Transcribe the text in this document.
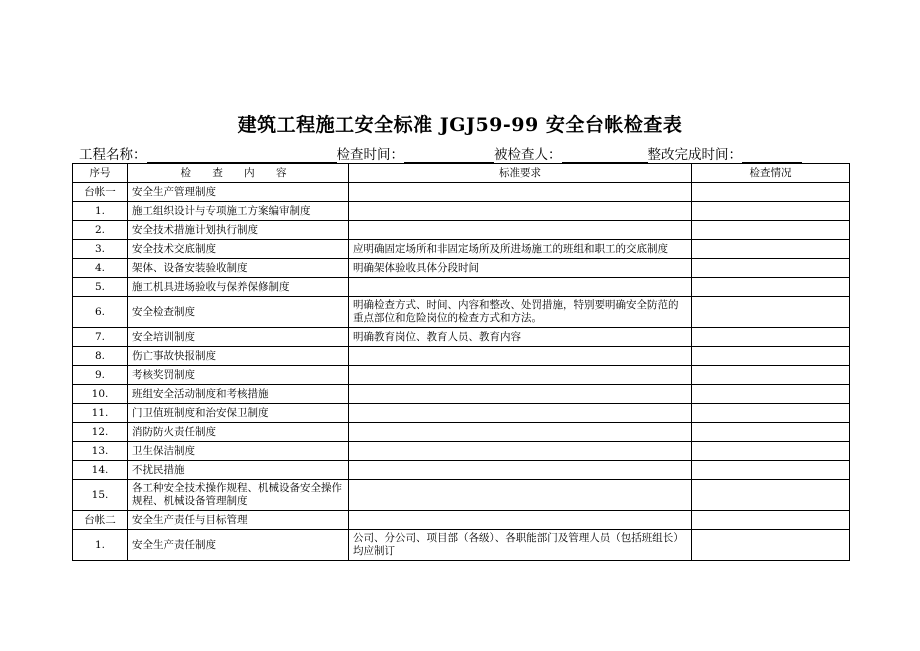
建筑工程施工安全标准 JGJ59-99 安全台帐检查表
工程名称：	检查时间：	被检查人：	整改完成时间：
序号	检 查 内 容	标准要求	检查情况
台帐一	安全生产管理制度		
1.	施工组织设计与专项施工方案编审制度		
2.	安全技术措施计划执行制度		
3.	安全技术交底制度	应明确固定场所和非固定场所及所进场施工的班组和职工的交底制度	
4.	架体、设备安装验收制度	明确架体验收具体分段时间	
5.	施工机具进场验收与保养保修制度		
6.	安全检查制度	明确检查方式、时间、内容和整改、处罚措施，特别要明确安全防范的重点部位和危险岗位的检查方式和方法。	
7.	安全培训制度	明确教育岗位、教育人员、教育内容	
8.	伤亡事故快报制度		
9.	考核奖罚制度		
10.	班组安全活动制度和考核措施		
11.	门卫值班制度和治安保卫制度		
12.	消防防火责任制度		
13.	卫生保洁制度		
14.	不扰民措施		
15.	各工种安全技术操作规程、机械设备安全操作规程、机械设备管理制度		
台帐二	安全生产责任与目标管理		
1.	安全生产责任制度	公司、分公司、项目部（各级）、各职能部门及管理人员（包括班组长）均应制订	
